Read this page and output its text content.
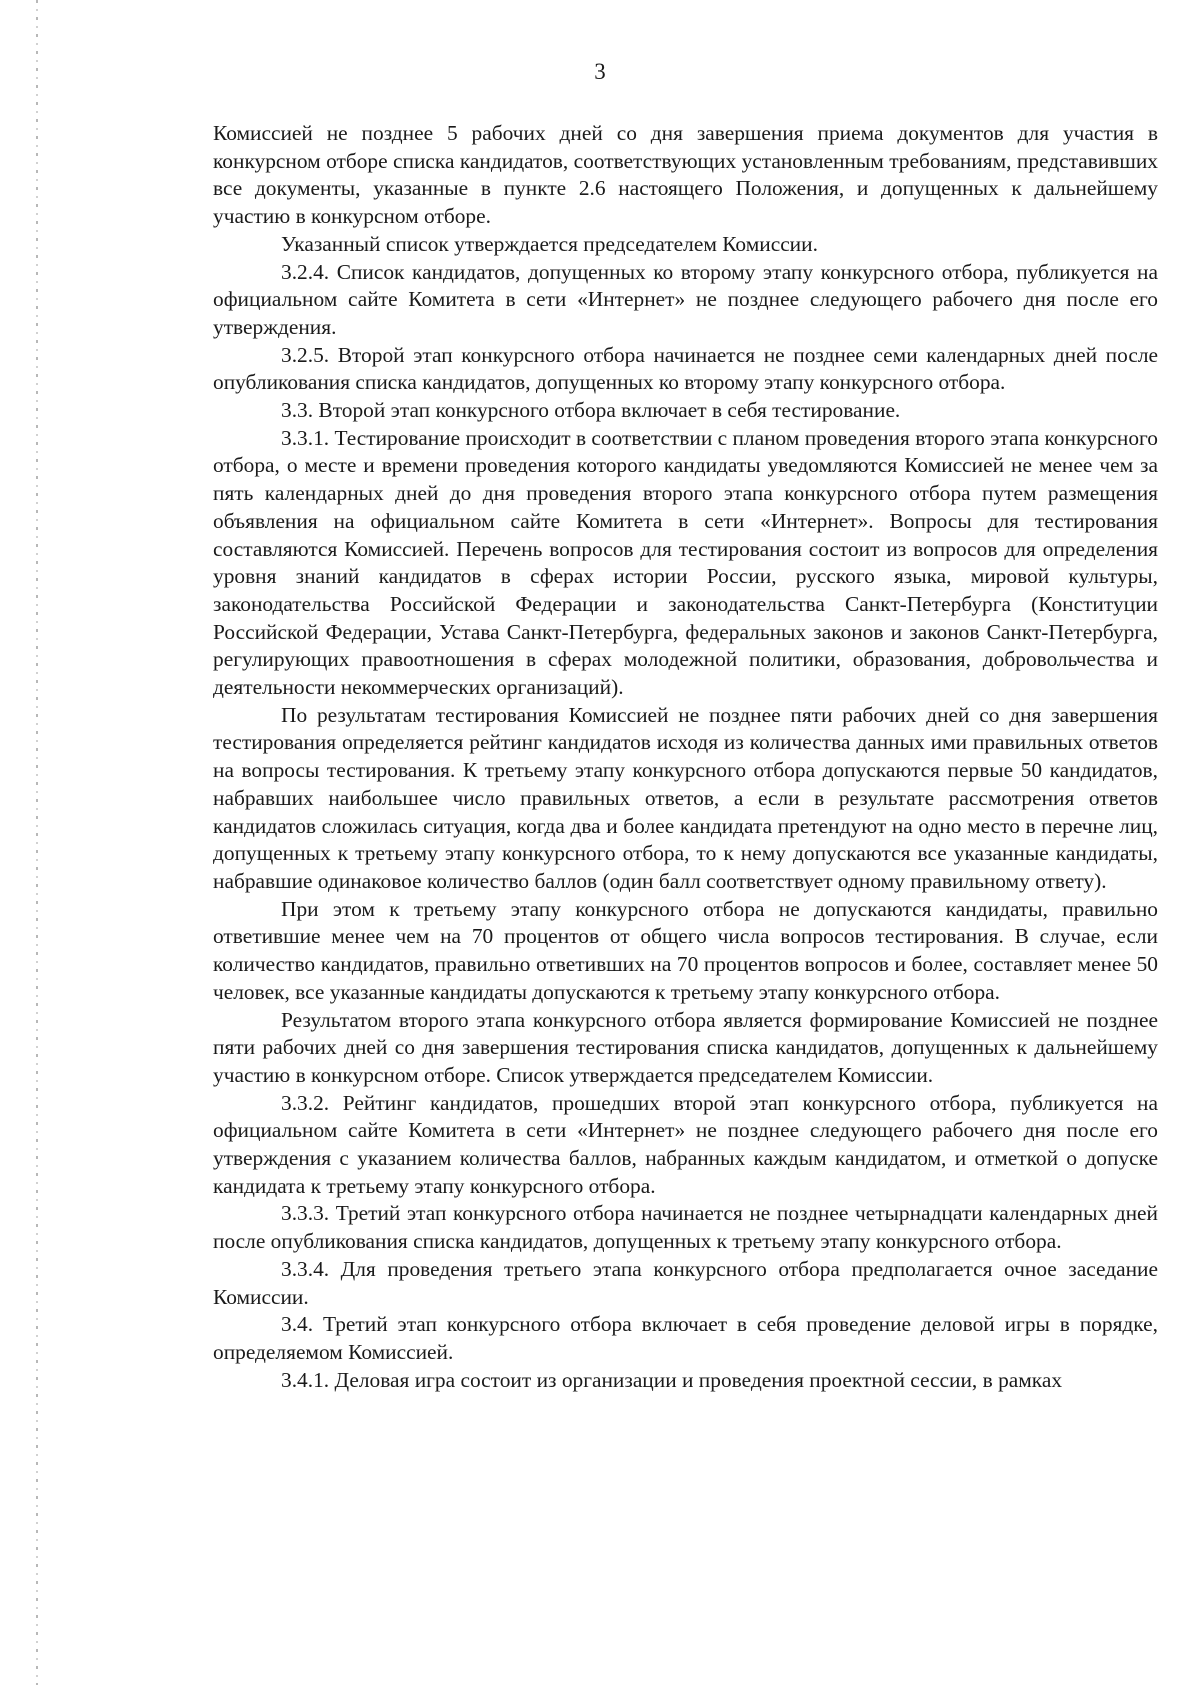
3

Комиссией не позднее 5 рабочих дней со дня завершения приема документов для участия в конкурсном отборе списка кандидатов, соответствующих установленным требованиям, представивших все документы, указанные в пункте 2.6 настоящего Положения, и допущенных к дальнейшему участию в конкурсном отборе.

Указанный список утверждается председателем Комиссии.

3.2.4. Список кандидатов, допущенных ко второму этапу конкурсного отбора, публикуется на официальном сайте Комитета в сети «Интернет» не позднее следующего рабочего дня после его утверждения.

3.2.5. Второй этап конкурсного отбора начинается не позднее семи календарных дней после опубликования списка кандидатов, допущенных ко второму этапу конкурсного отбора.

3.3. Второй этап конкурсного отбора включает в себя тестирование.

3.3.1. Тестирование происходит в соответствии с планом проведения второго этапа конкурсного отбора, о месте и времени проведения которого кандидаты уведомляются Комиссией не менее чем за пять календарных дней до дня проведения второго этапа конкурсного отбора путем размещения объявления на официальном сайте Комитета в сети «Интернет». Вопросы для тестирования составляются Комиссией. Перечень вопросов для тестирования состоит из вопросов для определения уровня знаний кандидатов в сферах истории России, русского языка, мировой культуры, законодательства Российской Федерации и законодательства Санкт-Петербурга (Конституции Российской Федерации, Устава Санкт-Петербурга, федеральных законов и законов Санкт-Петербурга, регулирующих правоотношения в сферах молодежной политики, образования, добровольчества и деятельности некоммерческих организаций).

По результатам тестирования Комиссией не позднее пяти рабочих дней со дня завершения тестирования определяется рейтинг кандидатов исходя из количества данных ими правильных ответов на вопросы тестирования. К третьему этапу конкурсного отбора допускаются первые 50 кандидатов, набравших наибольшее число правильных ответов, а если в результате рассмотрения ответов кандидатов сложилась ситуация, когда два и более кандидата претендуют на одно место в перечне лиц, допущенных к третьему этапу конкурсного отбора, то к нему допускаются все указанные кандидаты, набравшие одинаковое количество баллов (один балл соответствует одному правильному ответу).

При этом к третьему этапу конкурсного отбора не допускаются кандидаты, правильно ответившие менее чем на 70 процентов от общего числа вопросов тестирования. В случае, если количество кандидатов, правильно ответивших на 70 процентов вопросов и более, составляет менее 50 человек, все указанные кандидаты допускаются к третьему этапу конкурсного отбора.

Результатом второго этапа конкурсного отбора является формирование Комиссией не позднее пяти рабочих дней со дня завершения тестирования списка кандидатов, допущенных к дальнейшему участию в конкурсном отборе. Список утверждается председателем Комиссии.

3.3.2. Рейтинг кандидатов, прошедших второй этап конкурсного отбора, публикуется на официальном сайте Комитета в сети «Интернет» не позднее следующего рабочего дня после его утверждения с указанием количества баллов, набранных каждым кандидатом, и отметкой о допуске кандидата к третьему этапу конкурсного отбора.

3.3.3. Третий этап конкурсного отбора начинается не позднее четырнадцати календарных дней после опубликования списка кандидатов, допущенных к третьему этапу конкурсного отбора.

3.3.4. Для проведения третьего этапа конкурсного отбора предполагается очное заседание Комиссии.

3.4. Третий этап конкурсного отбора включает в себя проведение деловой игры в порядке, определяемом Комиссией.

3.4.1. Деловая игра состоит из организации и проведения проектной сессии, в рамках
